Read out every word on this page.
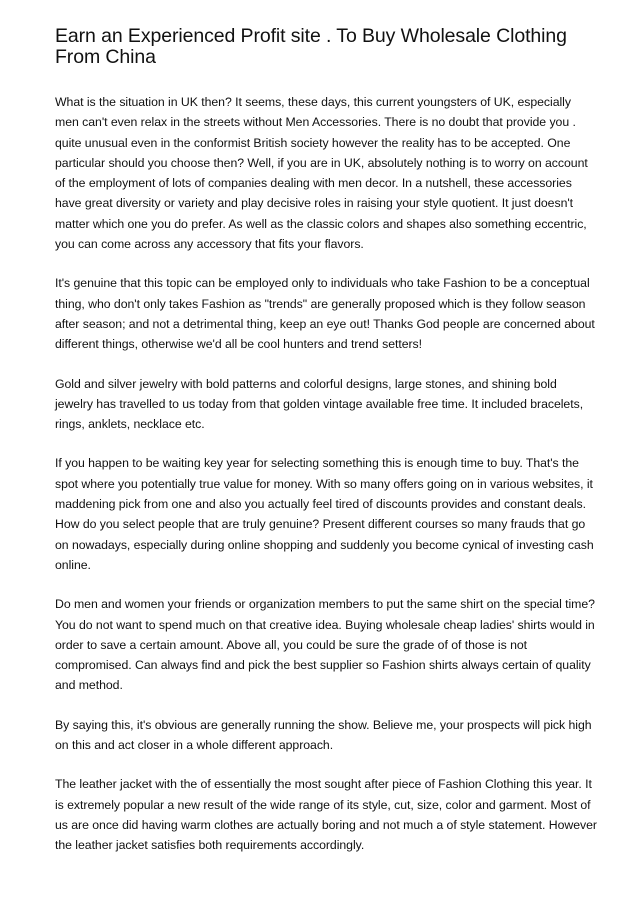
Earn an Experienced Profit site . To Buy Wholesale Clothing From China

What is the situation in UK then? It seems, these days, this current youngsters of UK, especially men can't even relax in the streets without Men Accessories. There is no doubt that provide you . quite unusual even in the conformist British society however the reality has to be accepted. One particular should you choose then? Well, if you are in UK, absolutely nothing is to worry on account of the employment of lots of companies dealing with men decor. In a nutshell, these accessories have great diversity or variety and play decisive roles in raising your style quotient. It just doesn't matter which one you do prefer. As well as the classic colors and shapes also something eccentric, you can come across any accessory that fits your flavors.

It's genuine that this topic can be employed only to individuals who take Fashion to be a conceptual thing, who don't only takes Fashion as "trends" are generally proposed which is they follow season after season; and not a detrimental thing, keep an eye out! Thanks God people are concerned about different things, otherwise we'd all be cool hunters and trend setters!

Gold and silver jewelry with bold patterns and colorful designs, large stones, and shining bold jewelry has travelled to us today from that golden vintage available free time. It included bracelets, rings, anklets, necklace etc.

If you happen to be waiting key year for selecting something this is enough time to buy. That's the spot where you potentially true value for money. With so many offers going on in various websites, it maddening pick from one and also you actually feel tired of discounts provides and constant deals. How do you select people that are truly genuine? Present different courses so many frauds that go on nowadays, especially during online shopping and suddenly you become cynical of investing cash online.

Do men and women your friends or organization members to put the same shirt on the special time? You do not want to spend much on that creative idea. Buying wholesale cheap ladies' shirts would in order to save a certain amount. Above all, you could be sure the grade of of those is not compromised. Can always find and pick the best supplier so Fashion shirts always certain of quality and method.

By saying this, it's obvious are generally running the show. Believe me, your prospects will pick high on this and act closer in a whole different approach.

The leather jacket with the of essentially the most sought after piece of Fashion Clothing this year. It is extremely popular a new result of the wide range of its style, cut, size, color and garment. Most of us are once did having warm clothes are actually boring and not much a of style statement. However the leather jacket satisfies both requirements accordingly.
